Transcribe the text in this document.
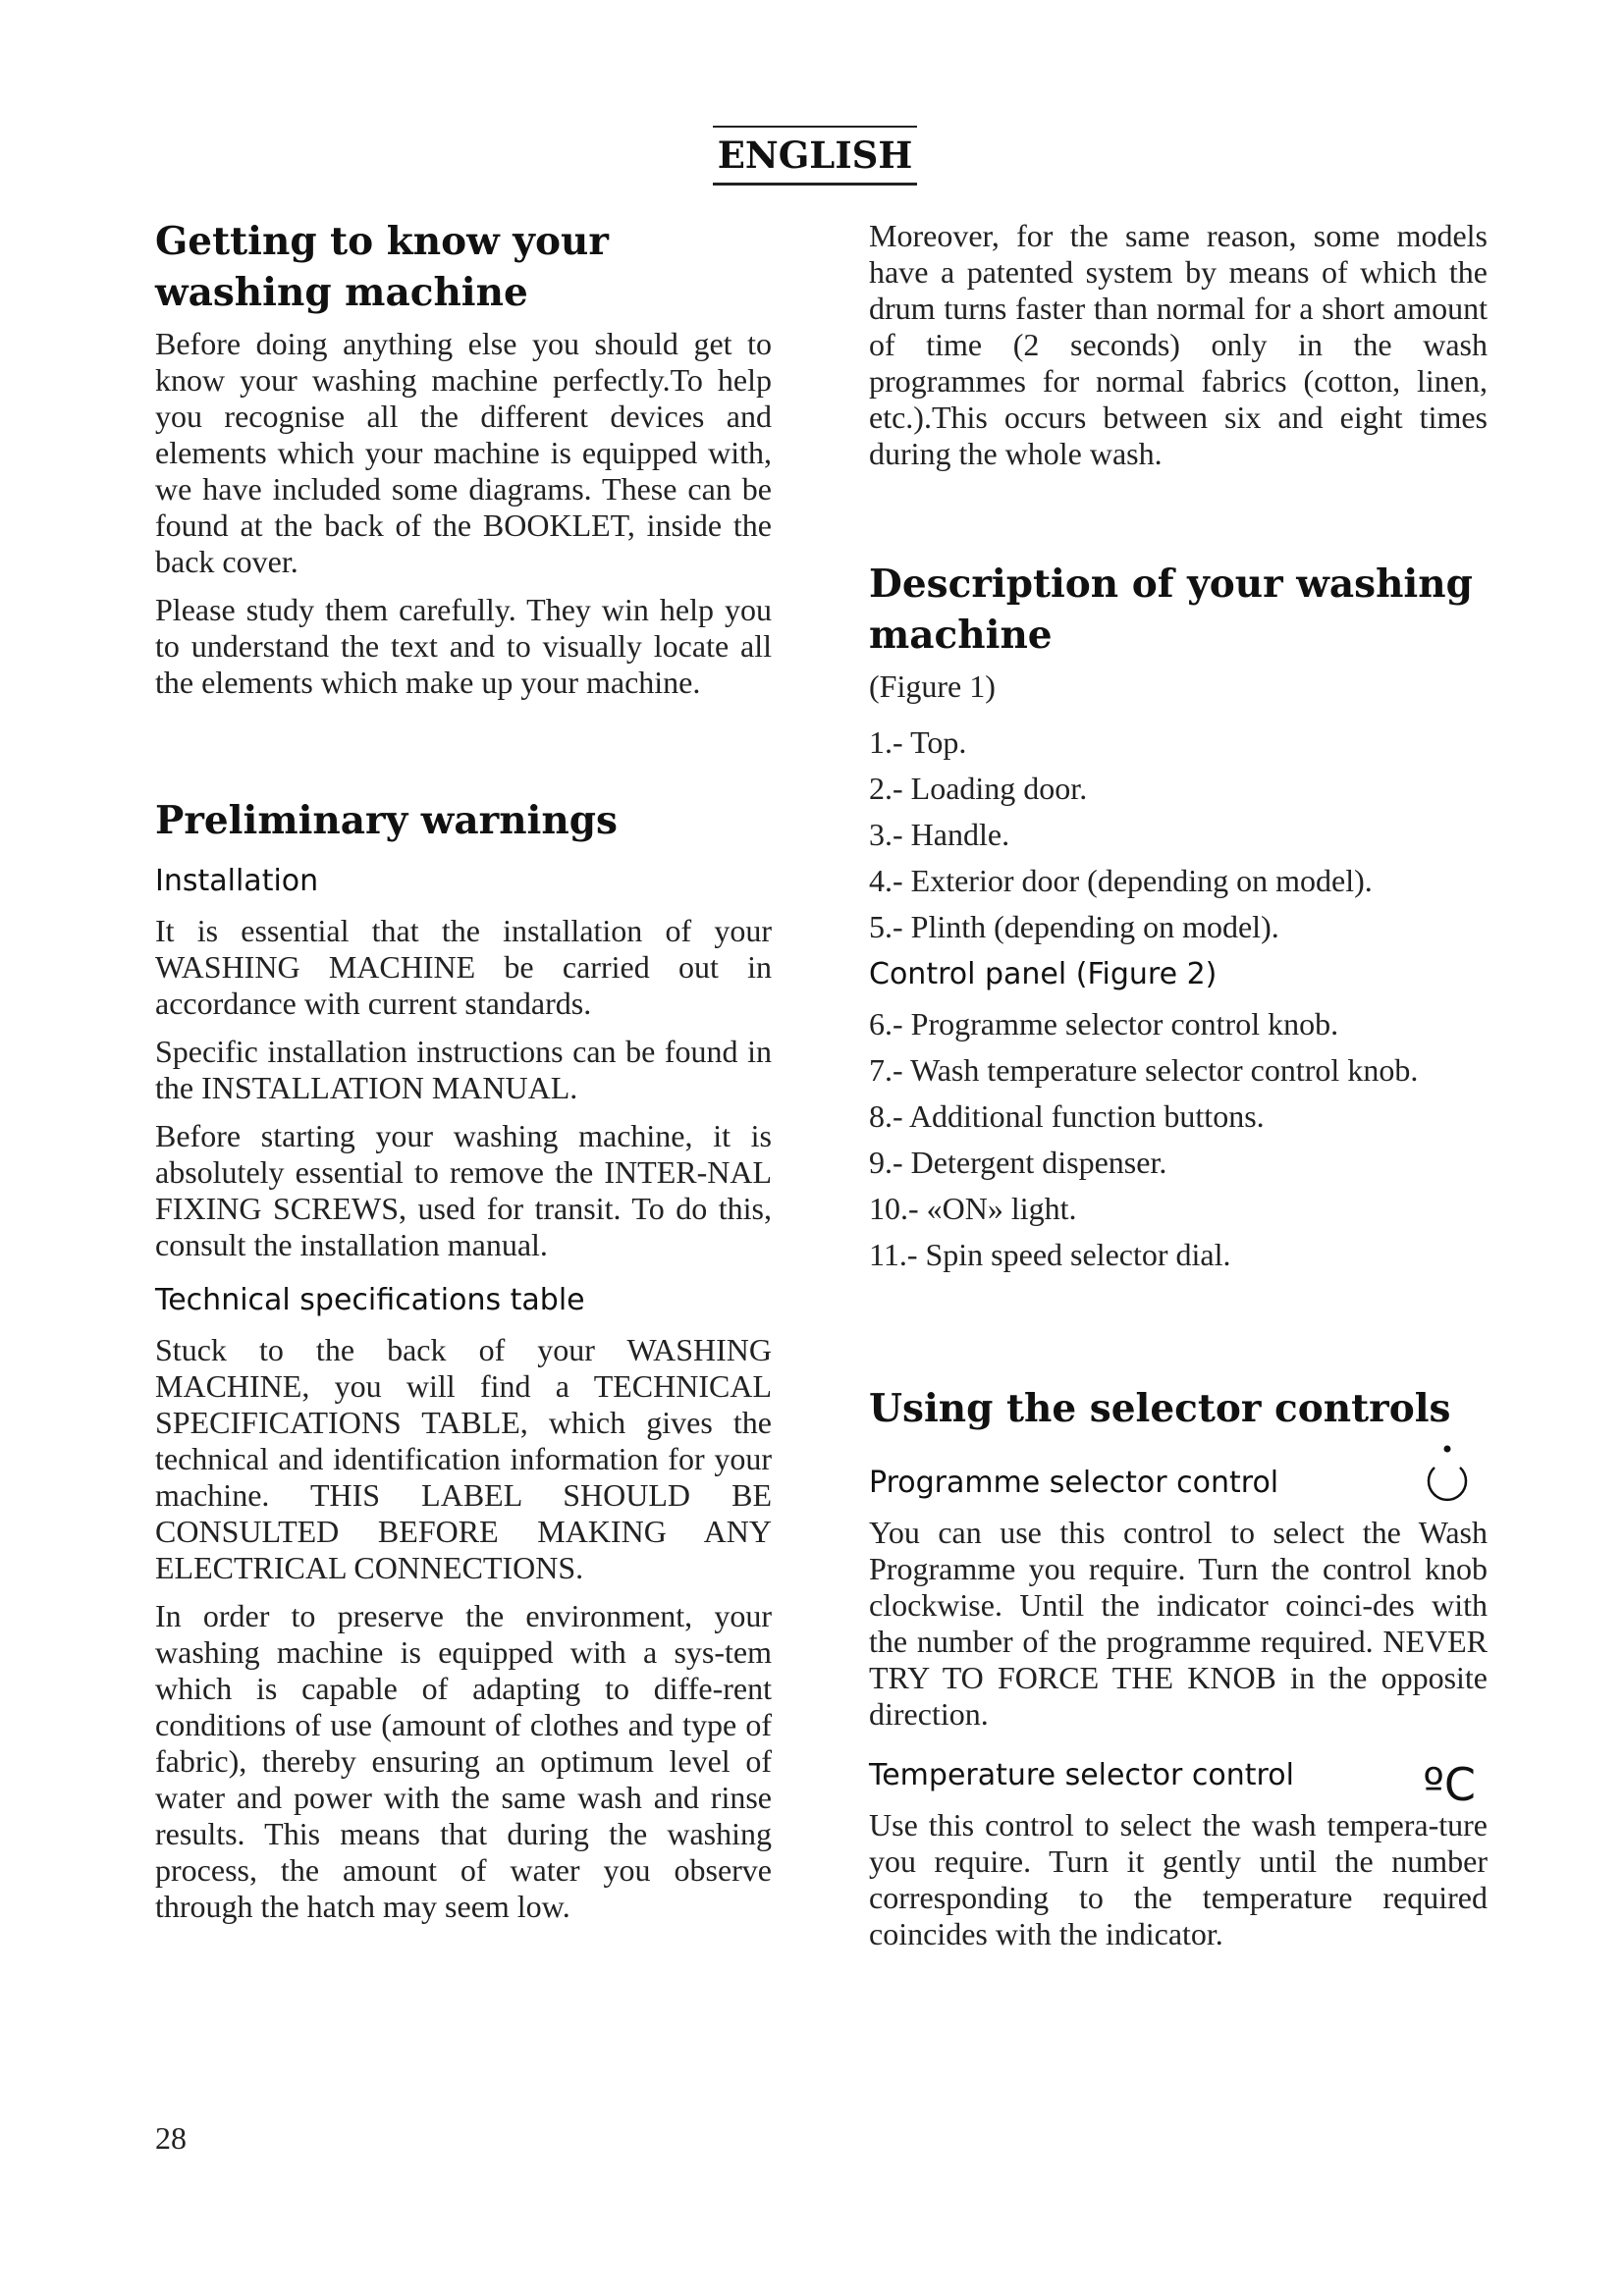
ENGLISH
Getting to know your washing machine

Before doing anything else you should get to know your washing machine perfectly.To help you recognise all the different devices and elements which your machine is equipped with, we have included some diagrams. These can be found at the back of the BOOKLET, inside the back cover.

Please study them carefully. They win help you to understand the text and to visually locate all the elements which make up your machine.

Preliminary warnings
Installation

It is essential that the installation of your WASHING MACHINE be carried out in accordance with current standards.

Specific installation instructions can be found in the INSTALLATION MANUAL.

Before starting your washing machine, it is absolutely essential to remove the INTER-NAL FIXING SCREWS, used for transit. To do this, consult the installation manual.

Technical specifications table

Stuck to the back of your WASHING MACHINE, you will find a TECHNICAL SPECIFICATIONS TABLE, which gives the technical and identification information for your machine. THIS LABEL SHOULD BE CONSULTED BEFORE MAKING ANY ELECTRICAL CONNECTIONS.

In order to preserve the environment, your washing machine is equipped with a sys-tem which is capable of adapting to diffe-rent conditions of use (amount of clothes and type of fabric), thereby ensuring an optimum level of water and power with the same wash and rinse results. This means that during the washing process, the amount of water you observe through the hatch may seem low.

Moreover, for the same reason, some models have a patented system by means of which the drum turns faster than normal for a short amount of time (2 seconds) only in the wash programmes for normal fabrics (cotton, linen, etc.).This occurs between six and eight times during the whole wash.

Description of your washing machine

(Figure 1)

1.- Top.
2.- Loading door.
3.- Handle.
4.- Exterior door (depending on model).
5.- Plinth (depending on model).
Control panel (Figure 2)
6.- Programme selector control knob.
7.- Wash temperature selector control knob.
8.- Additional function buttons.
9.- Detergent dispenser.
10.- «ON» light.
11.- Spin speed selector dial.
Using the selector controls
Programme selector control

You can use this control to select the Wash Programme you require. Turn the control knob clockwise. Until the indicator coinci-des with the number of the programme required. NEVER TRY TO FORCE THE KNOB in the opposite direction.

Temperature selector control	ºC

Use this control to select the wash tempera-ture you require. Turn it gently until the number corresponding to the temperature required coincides with the indicator.

28
